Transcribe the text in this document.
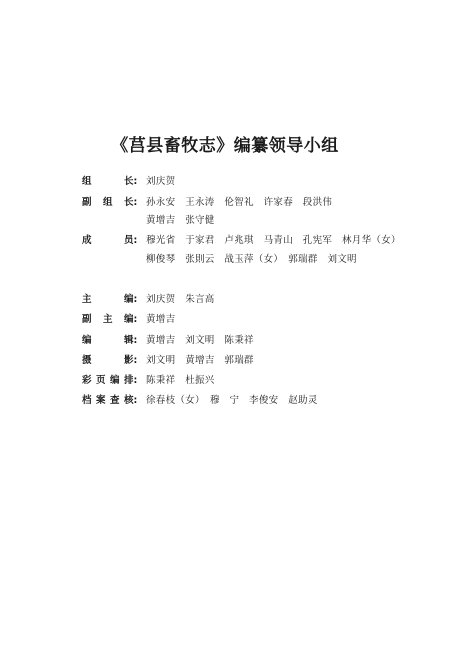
《莒县畜牧志》编纂领导小组
组	长: 刘庆贺
副 组 长: 孙永安　王永涛　伦智礼　许家春　段洪伟
黄增吉　张守健
成	员: 穆光省　于家君　卢兆琪　马青山　孔宪军　林月华（女）
柳俊琴　张則云　战玉萍（女）　郭瑞群　刘文明
主	编: 刘庆贺　朱言高
副 主 编: 黄增吉
编	辑: 黄增吉　刘文明　陈秉祥
摄	影: 刘文明　黄增吉　郭瑞群
彩 页 编 排: 陈秉祥　杜振兴
档 案 查 核: 徐春枝（女）　穆　宁　李俊安　赵助灵
